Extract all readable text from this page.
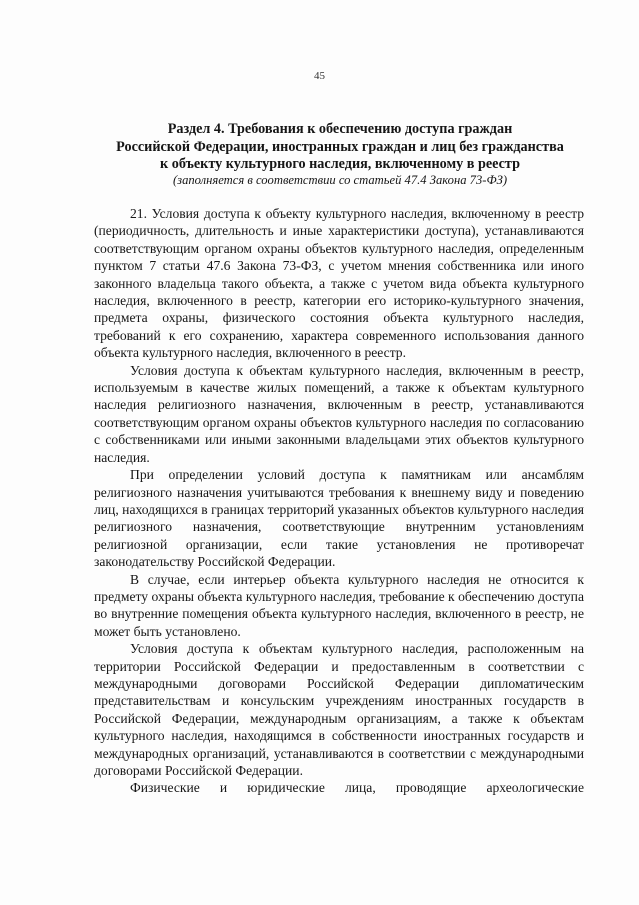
45
Раздел 4. Требования к обеспечению доступа граждан
Российской Федерации, иностранных граждан и лиц без гражданства
к объекту культурного наследия, включенному в реестр
(заполняется в соответствии со статьей 47.4 Закона 73-ФЗ)

21. Условия доступа к объекту культурного наследия, включенному в реестр (периодичность, длительность и иные характеристики доступа), устанавливаются соответствующим органом охраны объектов культурного наследия, определенным пунктом 7 статьи 47.6 Закона 73-ФЗ, с учетом мнения собственника или иного законного владельца такого объекта, а также с учетом вида объекта культурного наследия, включенного в реестр, категории его историко-культурного значения, предмета охраны, физического состояния объекта культурного наследия, требований к его сохранению, характера современного использования данного объекта культурного наследия, включенного в реестр.

Условия доступа к объектам культурного наследия, включенным в реестр, используемым в качестве жилых помещений, а также к объектам культурного наследия религиозного назначения, включенным в реестр, устанавливаются соответствующим органом охраны объектов культурного наследия по согласованию с собственниками или иными законными владельцами этих объектов культурного наследия.

При определении условий доступа к памятникам или ансамблям религиозного назначения учитываются требования к внешнему виду и поведению лиц, находящихся в границах территорий указанных объектов культурного наследия религиозного назначения, соответствующие внутренним установлениям религиозной организации, если такие установления не противоречат законодательству Российской Федерации.

В случае, если интерьер объекта культурного наследия не относится к предмету охраны объекта культурного наследия, требование к обеспечению доступа во внутренние помещения объекта культурного наследия, включенного в реестр, не может быть установлено.

Условия доступа к объектам культурного наследия, расположенным на территории Российской Федерации и предоставленным в соответствии с международными договорами Российской Федерации дипломатическим представительствам и консульским учреждениям иностранных государств в Российской Федерации, международным организациям, а также к объектам культурного наследия, находящимся в собственности иностранных государств и международных организаций, устанавливаются в соответствии с международными договорами Российской Федерации.

Физические и юридические лица, проводящие археологические
